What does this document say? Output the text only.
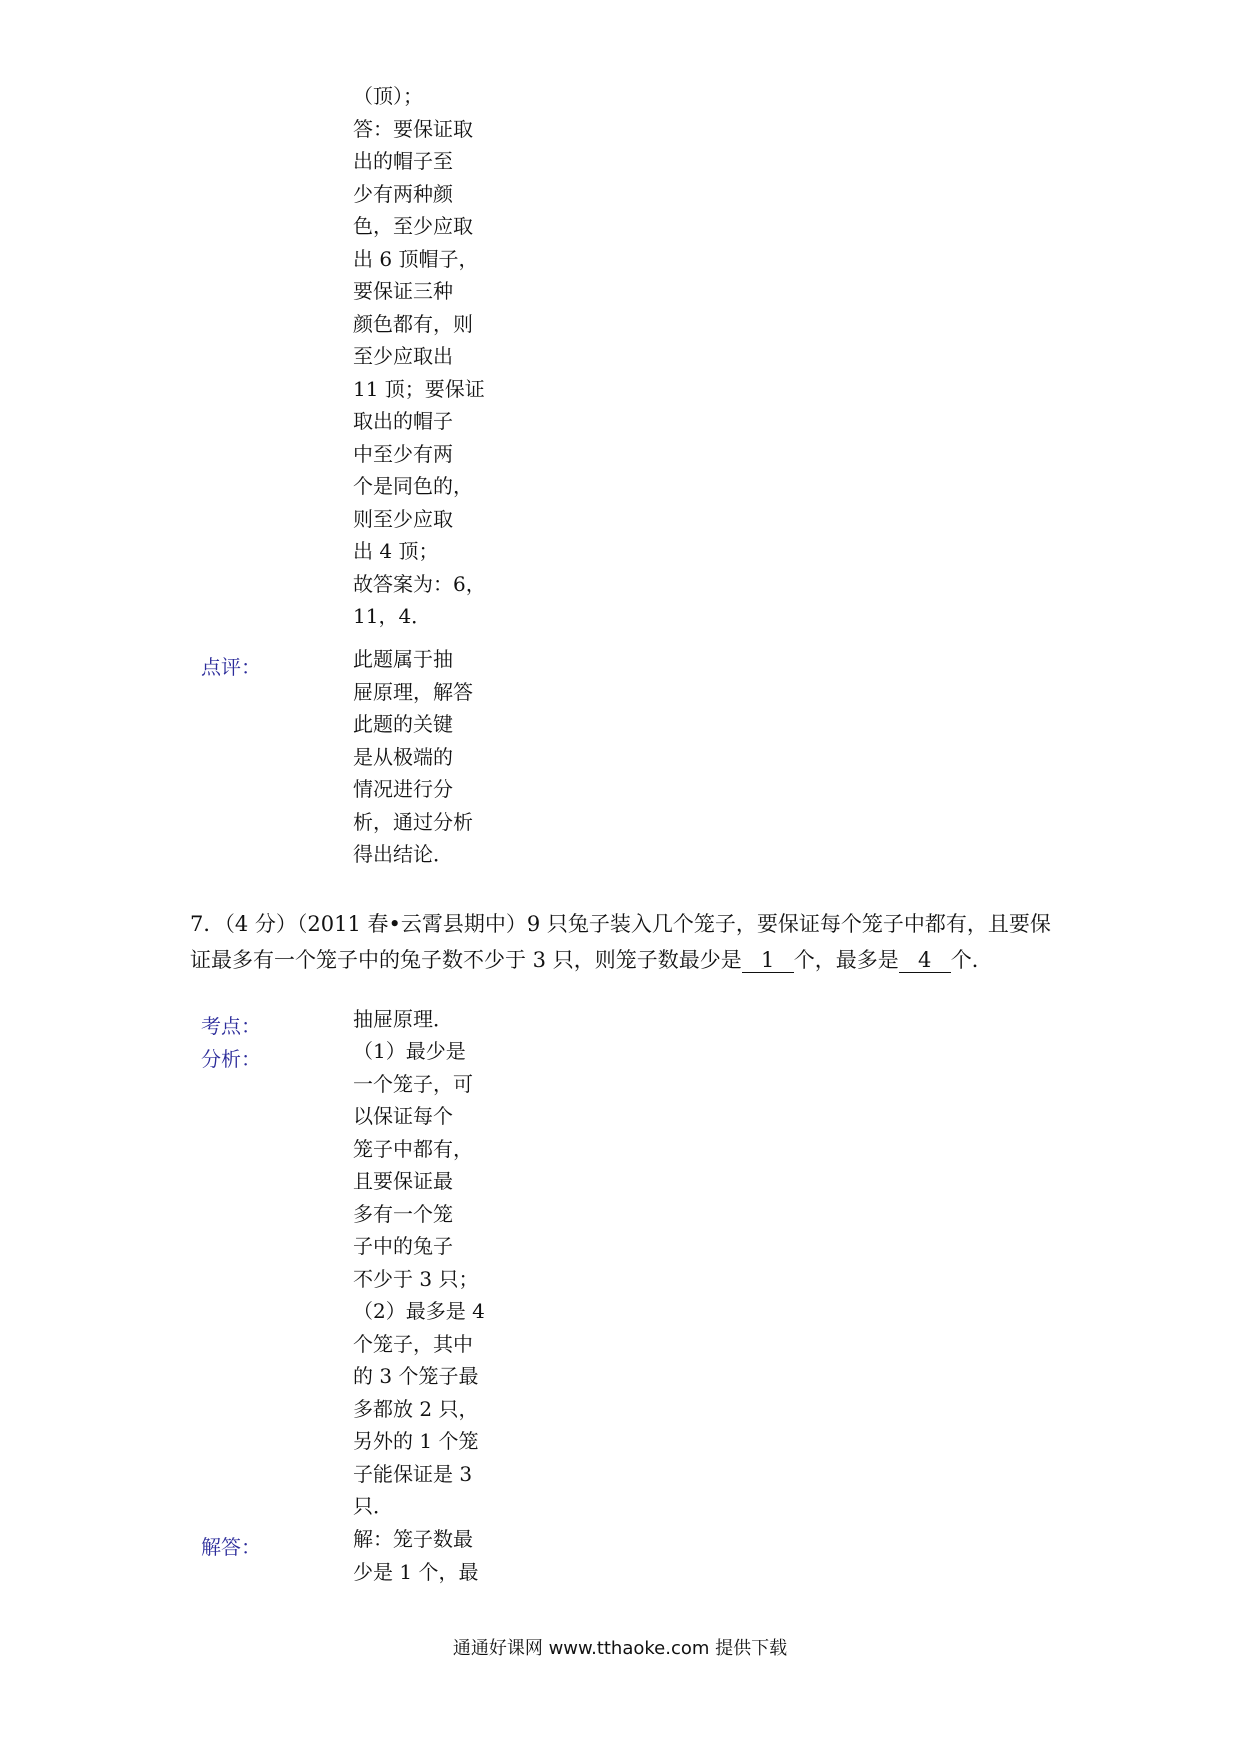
（顶）；
答：要保证取
出的帽子至
少有两种颜
色，至少应取
出 6 顶帽子，
要保证三种
颜色都有，则
至少应取出
11 顶；要保证
取出的帽子
中至少有两
个是同色的，
则至少应取
出 4 顶；
故答案为：6，
11，4．
点评：	此题属于抽
屉原理，解答
此题的关键
是从极端的
情况进行分
析，通过分析
得出结论．
7．（4 分）（2011 春•云霄县期中）9 只兔子装入几个笼子，要保证每个笼子中都有，且要保
证最多有一个笼子中的兔子数不少于 3 只，则笼子数最少是 1 个，最多是 4 个．
考点：	抽屉原理．
分析：	（1）最少是
一个笼子，可
以保证每个
笼子中都有，
且要保证最
多有一个笼
子中的兔子
不少于 3 只；
（2）最多是 4
个笼子，其中
的 3 个笼子最
多都放 2 只，
另外的 1 个笼
子能保证是 3
只．
解答：	解：笼子数最
少是 1 个，最
通通好课网 www.tthaoke.com 提供下载
